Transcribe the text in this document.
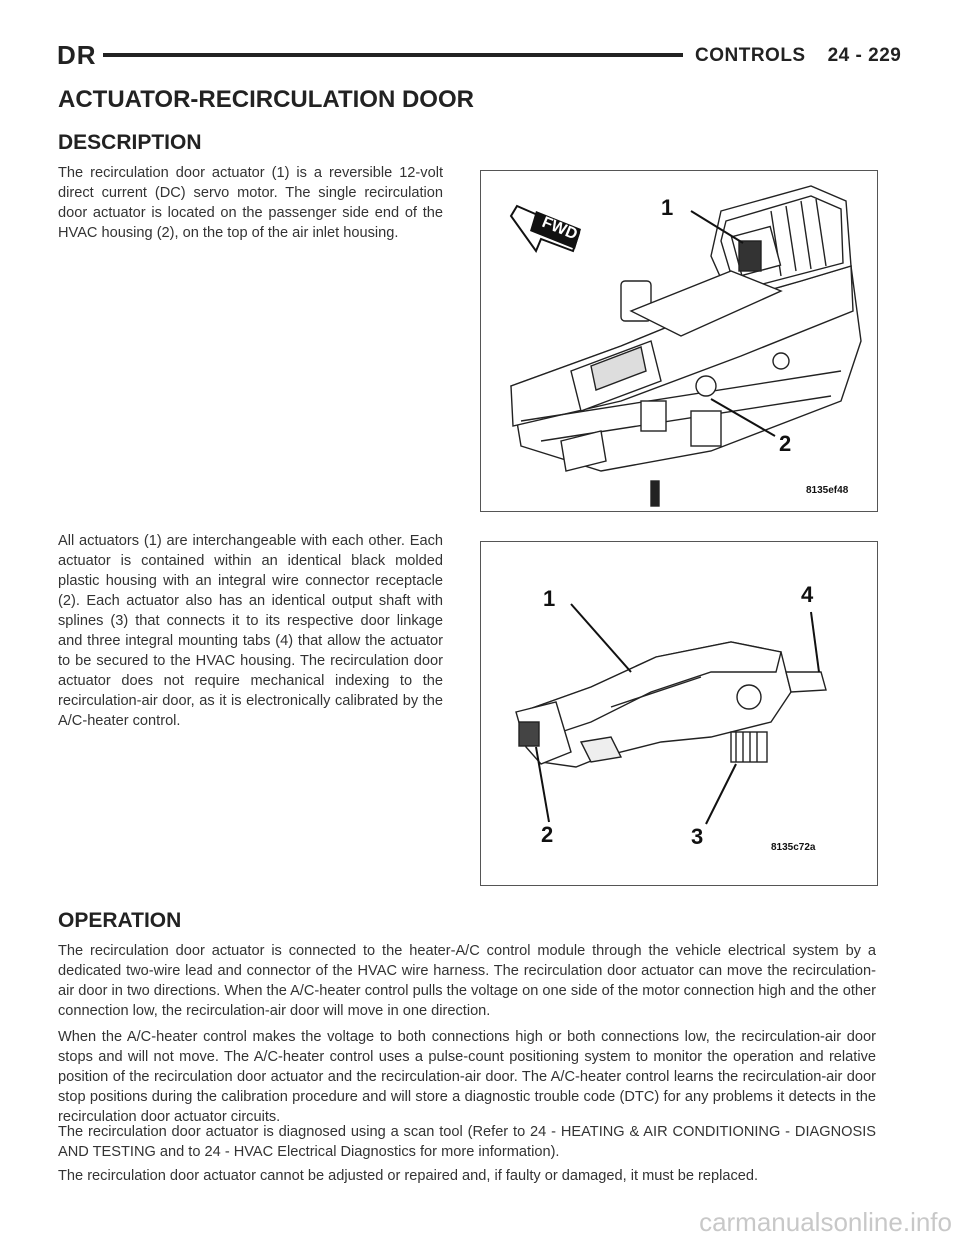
DR	CONTROLS 24 - 229
ACTUATOR-RECIRCULATION DOOR
DESCRIPTION
The recirculation door actuator (1) is a reversible 12-volt direct current (DC) servo motor. The single recirculation door actuator is located on the passenger side end of the HVAC housing (2), on the top of the air inlet housing.
All actuators (1) are interchangeable with each other. Each actuator is contained within an identical black molded plastic housing with an integral wire connector receptacle (2). Each actuator also has an identical output shaft with splines (3) that connects it to its respective door linkage and three integral mounting tabs (4) that allow the actuator to be secured to the HVAC housing. The recirculation door actuator does not require mechanical indexing to the recirculation-air door, as it is electronically calibrated by the A/C-heater control.
FWD
1
2
8135ef48
1	4
2	3	8135c72a
OPERATION
The recirculation door actuator is connected to the heater-A/C control module through the vehicle electrical system by a dedicated two-wire lead and connector of the HVAC wire harness. The recirculation door actuator can move the recirculation-air door in two directions. When the A/C-heater control pulls the voltage on one side of the motor connection high and the other connection low, the recirculation-air door will move in one direction.
When the A/C-heater control makes the voltage to both connections high or both connections low, the recirculation-air door stops and will not move. The A/C-heater control uses a pulse-count positioning system to monitor the operation and relative position of the recirculation door actuator and the recirculation-air door. The A/C-heater control learns the recirculation-air door stop positions during the calibration procedure and will store a diagnostic trouble code (DTC) for any problems it detects in the recirculation door actuator circuits.
The recirculation door actuator is diagnosed using a scan tool (Refer to 24 - HEATING & AIR CONDITIONING - DIAGNOSIS AND TESTING and to 24 - HVAC Electrical Diagnostics for more information).
The recirculation door actuator cannot be adjusted or repaired and, if faulty or damaged, it must be replaced.
carmanualsonline.info
